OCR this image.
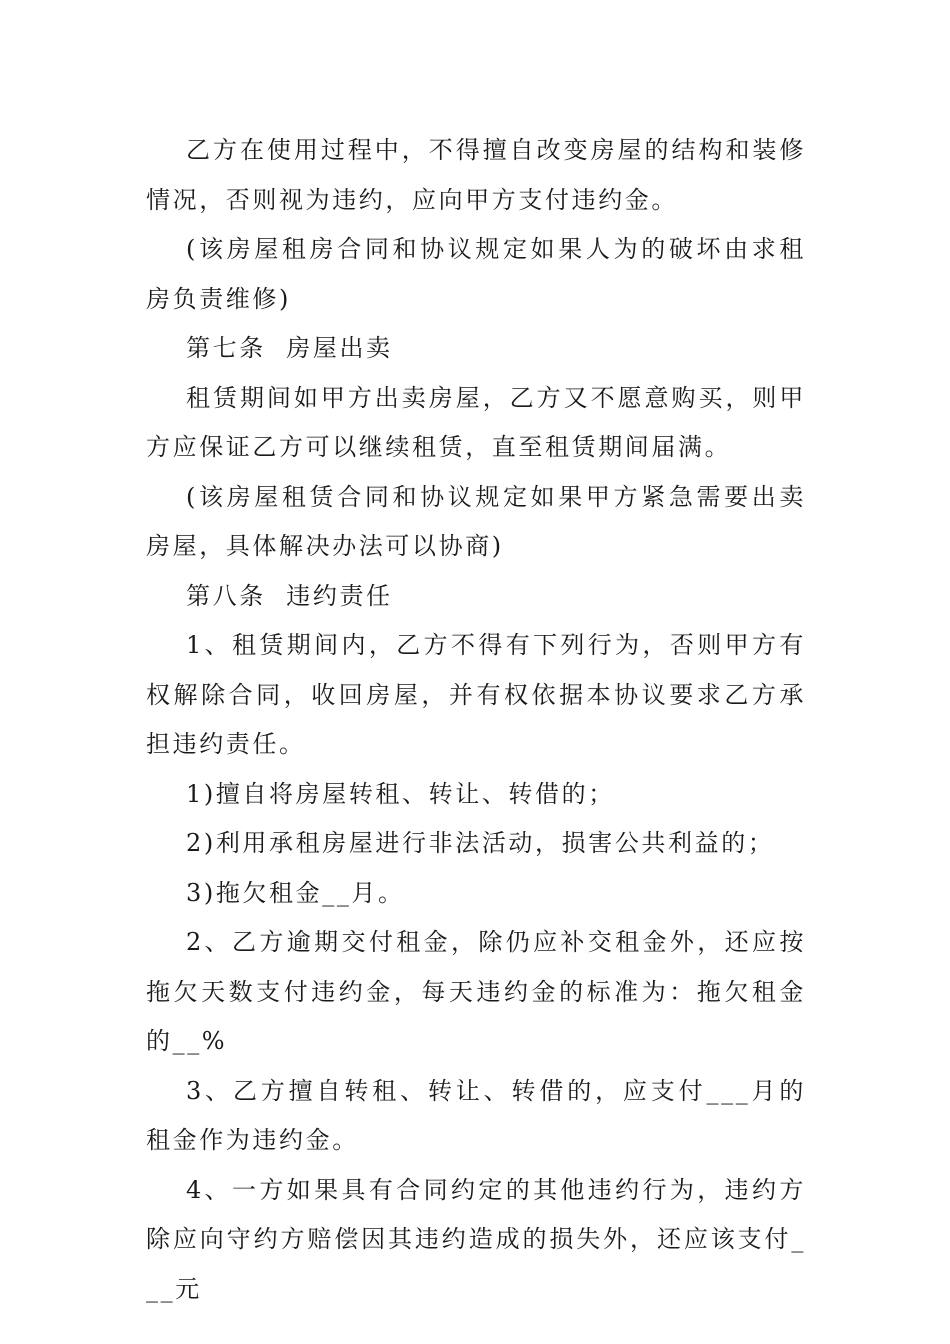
乙方在使用过程中，不得擅自改变房屋的结构和装修情况，否则视为违约，应向甲方支付违约金。

(该房屋租房合同和协议规定如果人为的破坏由求租房负责维修)

第七条  房屋出卖

租赁期间如甲方出卖房屋，乙方又不愿意购买，则甲方应保证乙方可以继续租赁，直至租赁期间届满。

(该房屋租赁合同和协议规定如果甲方紧急需要出卖房屋，具体解决办法可以协商)

第八条  违约责任

1、租赁期间内，乙方不得有下列行为，否则甲方有权解除合同，收回房屋，并有权依据本协议要求乙方承担违约责任。

1)擅自将房屋转租、转让、转借的；

2)利用承租房屋进行非法活动，损害公共利益的；

3)拖欠租金__月。

2、乙方逾期交付租金，除仍应补交租金外，还应按拖欠天数支付违约金，每天违约金的标准为：拖欠租金的__%

3、乙方擅自转租、转让、转借的，应支付___月的租金作为违约金。

4、一方如果具有合同约定的其他违约行为，违约方除应向守约方赔偿因其违约造成的损失外，还应该支付___元
